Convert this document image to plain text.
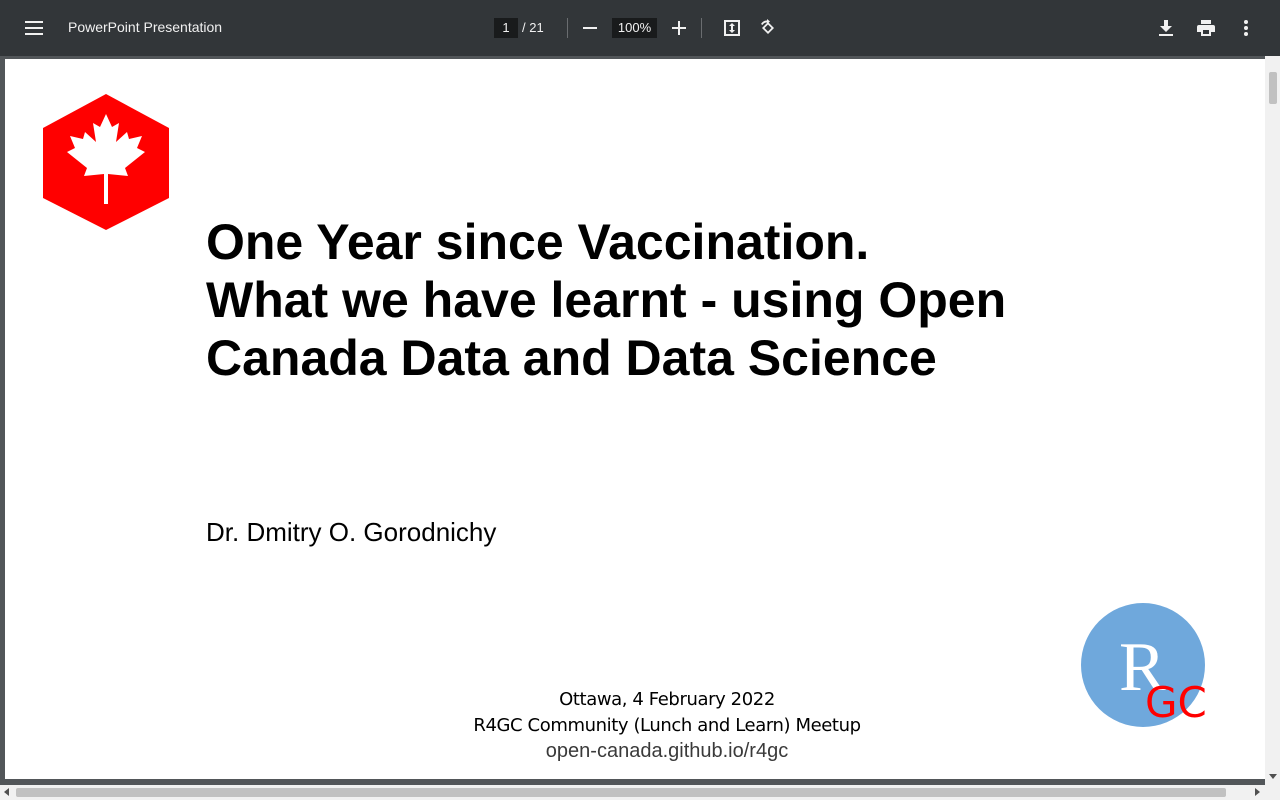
PowerPoint Presentation
1	/ 21
100%
One Year since Vaccination.
What we have learnt - using Open
Canada Data and Data Science
Dr. Dmitry O. Gorodnichy
Ottawa, 4 February 2022
R4GC Community (Lunch and Learn) Meetup
open-canada.github.io/r4gc
R
GC
